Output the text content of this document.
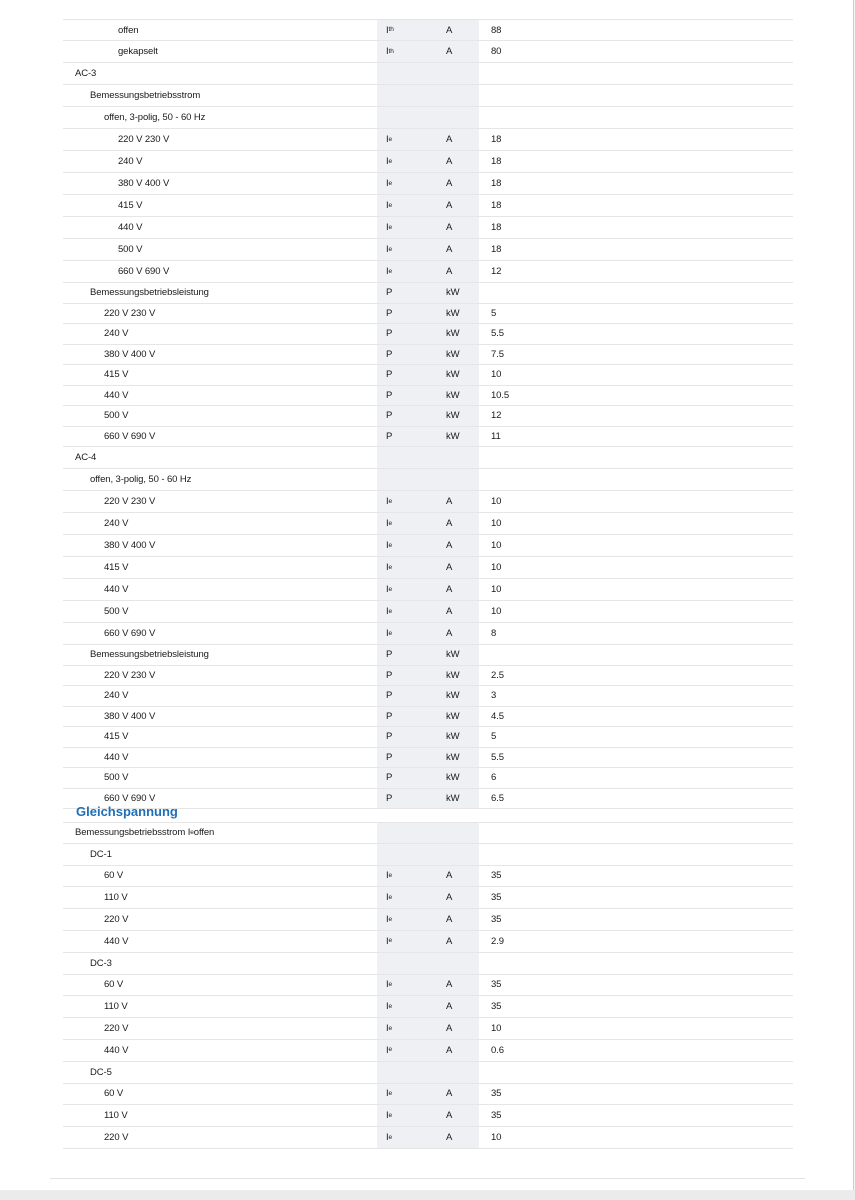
offen	I th	A	88
gekapselt	I th	A	80
AC-3
Bemessungsbetriebsstrom
offen, 3-polig, 50 - 60 Hz
220 V 230 V	I e	A	18
240 V	I e	A	18
380 V 400 V	I e	A	18
415 V	I e	A	18
440 V	I e	A	18
500 V	I e	A	18
660 V 690 V	I e	A	12
Bemessungsbetriebsleistung	P	kW
220 V 230 V	P	kW	5
240 V	P	kW	5.5
380 V 400 V	P	kW	7.5
415 V	P	kW	10
440 V	P	kW	10.5
500 V	P	kW	12
660 V 690 V	P	kW	11
AC-4
offen, 3-polig, 50 - 60 Hz
220 V 230 V	I e	A	10
240 V	I e	A	10
380 V 400 V	I e	A	10
415 V	I e	A	10
440 V	I e	A	10
500 V	I e	A	10
660 V 690 V	I e	A	8
Bemessungsbetriebsleistung	P	kW
220 V 230 V	P	kW	2.5
240 V	P	kW	3
380 V 400 V	P	kW	4.5
415 V	P	kW	5
440 V	P	kW	5.5
500 V	P	kW	6
660 V 690 V	P	kW	6.5
Gleichspannung
Bemessungsbetriebsstrom I e offen
DC-1
60 V	I e	A	35
110 V	I e	A	35
220 V	I e	A	35
440 V	I e	A	2.9
DC-3
60 V	I e	A	35
110 V	I e	A	35
220 V	I e	A	10
440 V	I e	A	0.6
DC-5
60 V	I e	A	35
110 V	I e	A	35
220 V	I e	A	10
